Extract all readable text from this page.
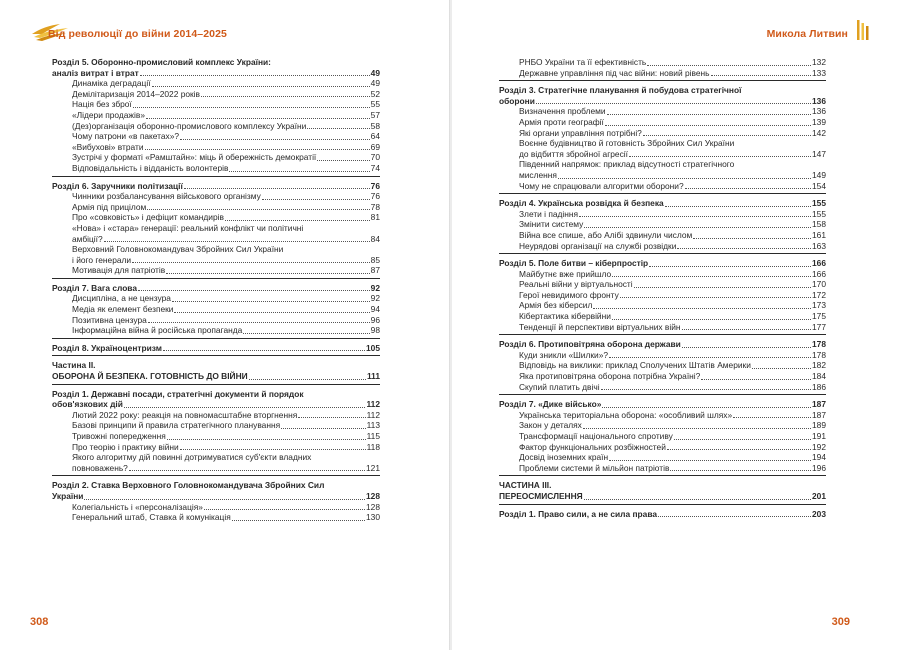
Від революції до війни 2014–2025
Розділ 5. Оборонно-промисловий комплекс України:
аналіз витрат і втрат	49
Динаміка деградації	49
Демілітаризація 2014–2022 років	52
Нація без зброї	55
«Лідери продажів»	57
(Дез)організація оборонно-промислового комплексу України	58
Чому патрони «в пакетах»?	64
«Вибухові» втрати	69
Зустрічі у форматі «Рамштайн»: міць й обережність демократії	70
Відповідальність і відданість волонтерів	74
Розділ 6. Заручники політизації	76
Чинники розбалансування військового організму	76
Армія під прицілом	78
Про «совковість» і дефіцит командирів	81
«Нова» і «стара» генерації: реальний конфлікт чи політичні
амбіції?	84
Верховний Головнокомандувач Збройних Сил України
і його генерали	85
Мотивація для патріотів	87
Розділ 7. Вага слова	92
Дисципліна, а не цензура	92
Медіа як елемент безпеки	94
Позитивна цензура	96
Інформаційна війна й російська пропаганда	98
Розділ 8. Україноцентризм	105
Частина II.
ОБОРОНА Й БЕЗПЕКА. ГОТОВНІСТЬ ДО ВІЙНИ	111
Розділ 1. Державні посади, стратегічні документи й порядок
обов'язкових дій	112
Лютий 2022 року: реакція на повномасштабне вторгнення	112
Базові принципи й правила стратегічного планування	113
Тривожні попередження	115
Про теорію і практику війни	118
Якого алгоритму дій повинні дотримуватися суб'єкти владних
повноважень?	121
Розділ 2. Ставка Верховного Головнокомандувача Збройних Сил
України	128
Колегіальність і «персоналізація»	128
Генеральний штаб, Ставка й комунікація	130
308
Микола Литвин
РНБО України та її ефективність	132
Державне управління під час війни: новий рівень	133
Розділ 3. Стратегічне планування й побудова стратегічної
оборони	136
Визначення проблеми	136
Армія проти географії	139
Які органи управління потрібні?	142
Воєнне будівництво й готовність Збройних Сил України
до відбиття збройної агресії	147
Південний напрямок: приклад відсутності стратегічного
мислення	149
Чому не спрацювали алгоритми оборони?	154
Розділ 4. Українська розвідка й безпека	155
Злети і падіння	155
Змінити систему	158
Війна все спише, або Алібі здвинули числом	161
Неурядові організації на службі розвідки	163
Розділ 5. Поле битви – кіберпростір	166
Майбутнє вже прийшло	166
Реальні війни у віртуальності	170
Герої невидимого фронту	172
Армія без кіберсил	173
Кібертактика кібервійни	175
Тенденції й перспективи віртуальних війн	177
Розділ 6. Протиповітряна оборона держави	178
Куди зникли «Шилки»?	178
Відповідь на виклики: приклад Сполучених Штатів Америки	182
Яка протиповітряна оборона потрібна Україні?	184
Скупий платить двічі	186
Розділ 7. «Дике військо»	187
Українська територіальна оборона: «особливий шлях»	187
Закон у деталях	189
Трансформації національного спротиву	191
Фактор функціональних розбіжностей	192
Досвід іноземних країн	194
Проблеми системи й мільйон патріотів	196
ЧАСТИНА III.
ПЕРЕОСМИСЛЕННЯ	201
Розділ 1. Право сили, а не сила права	203
309
